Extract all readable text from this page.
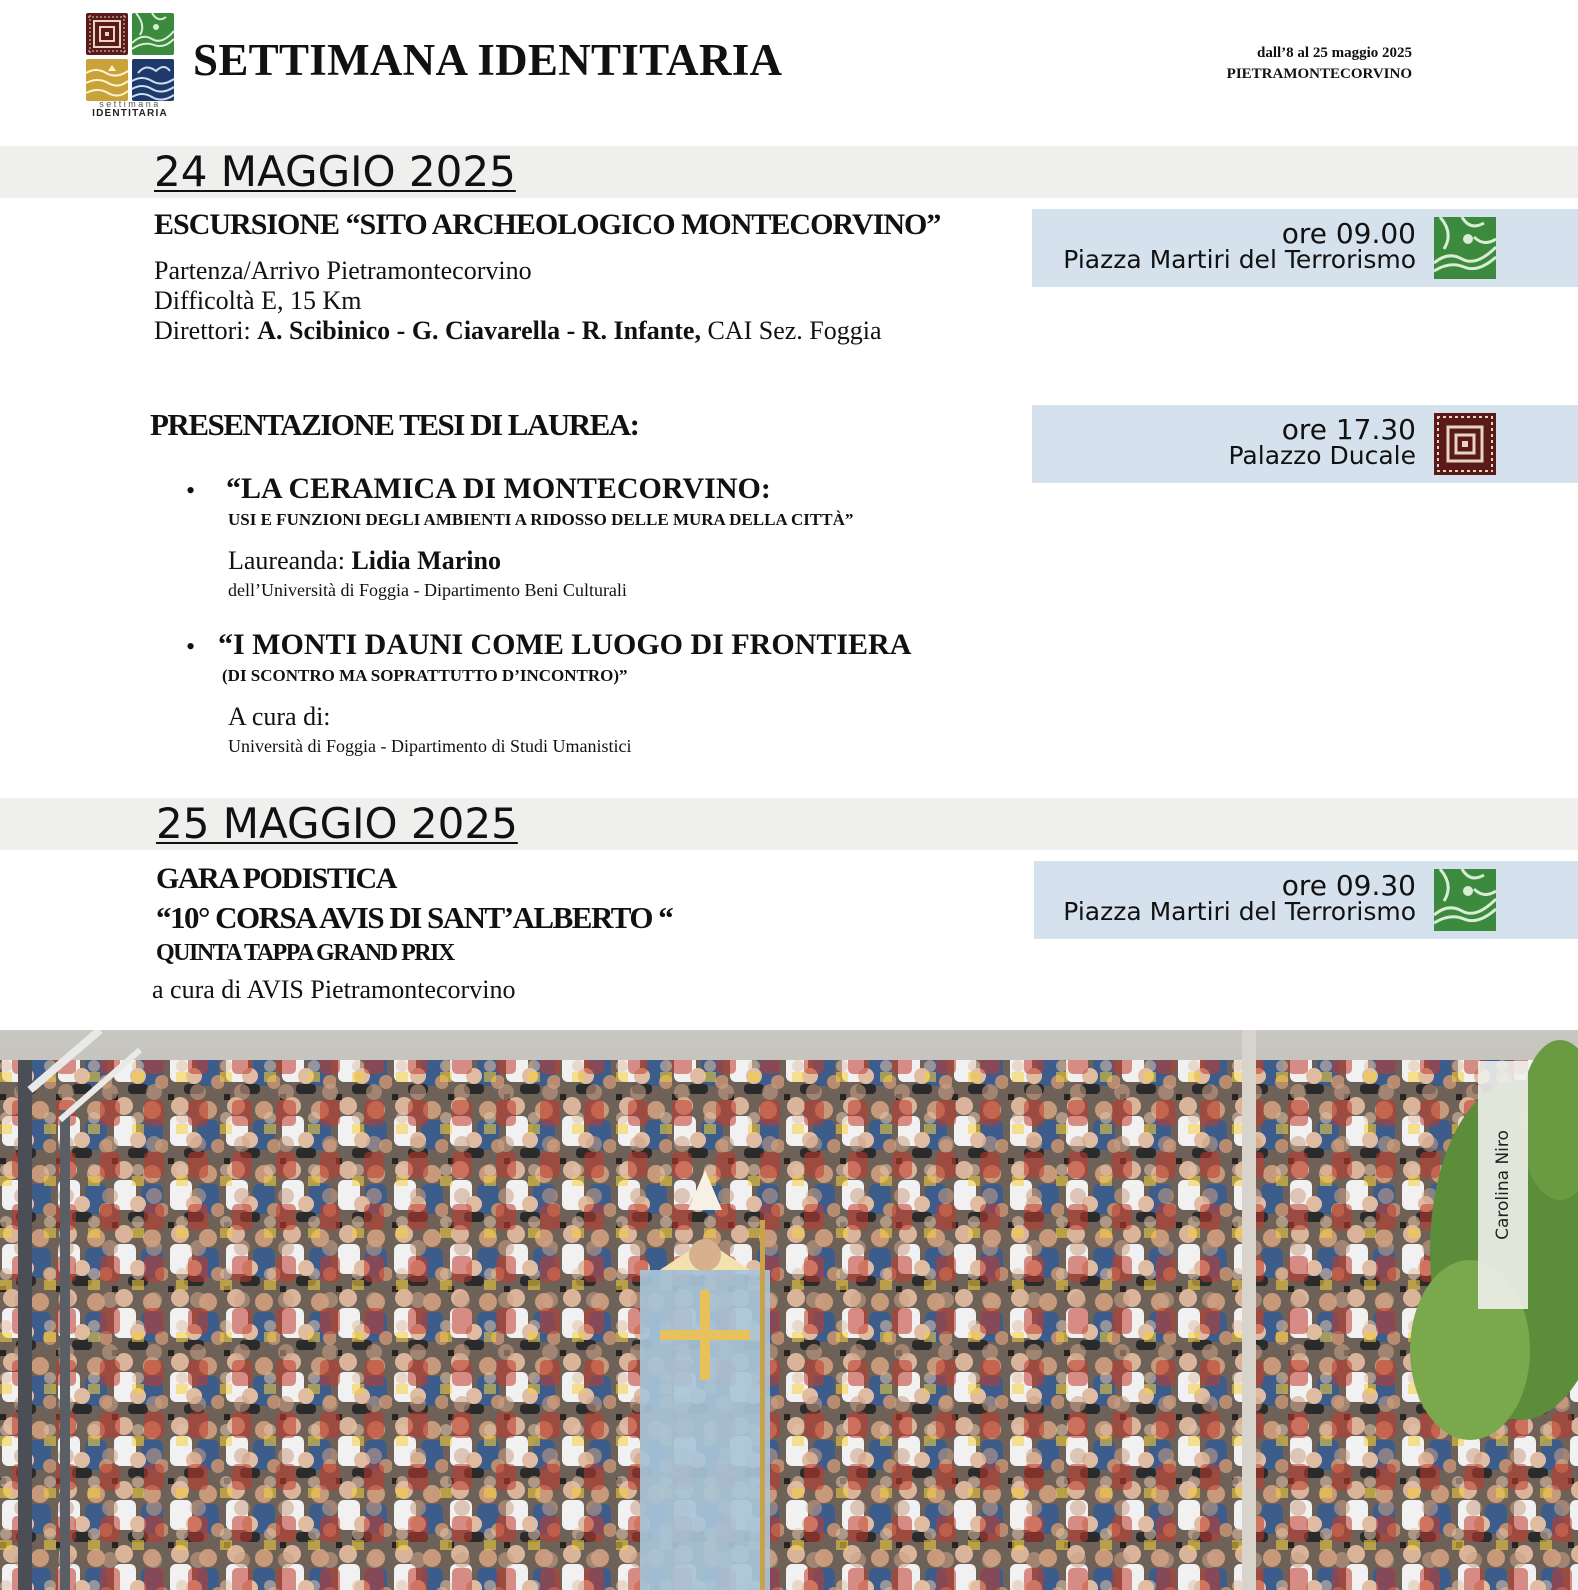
settimana
IDENTITARIA
SETTIMANA IDENTITARIA	dall’8 al 25 maggio 2025
PIETRAMONTECORVINO
24 MAGGIO 2025
ESCURSIONE “SITO ARCHEOLOGICO MONTECORVINO”
Partenza/Arrivo Pietramontecorvino
Difficoltà E, 15 Km
Direttori: A. Scibinico - G. Ciavarella - R. Infante, CAI Sez. Foggia
ore 09.00
Piazza Martiri del Terrorismo
PRESENTAZIONE TESI DI LAUREA:	ore 17.30
Palazzo Ducale
• “LA CERAMICA DI MONTECORVINO:
USI E FUNZIONI DEGLI AMBIENTI A RIDOSSO DELLE MURA DELLA CITTÀ”
Laureanda: Lidia Marino
dell’Università di Foggia - Dipartimento Beni Culturali
• “I MONTI DAUNI COME LUOGO DI FRONTIERA
(DI SCONTRO MA SOPRATTUTTO D’INCONTRO)”
A cura di:
Università di Foggia - Dipartimento di Studi Umanistici
25 MAGGIO 2025
GARA PODISTICA
“10° CORSA AVIS DI SANT’ALBERTO “
QUINTA TAPPA GRAND PRIX
a cura di AVIS Pietramontecorvino
ore 09.30
Piazza Martiri del Terrorismo
Carolina Niro
